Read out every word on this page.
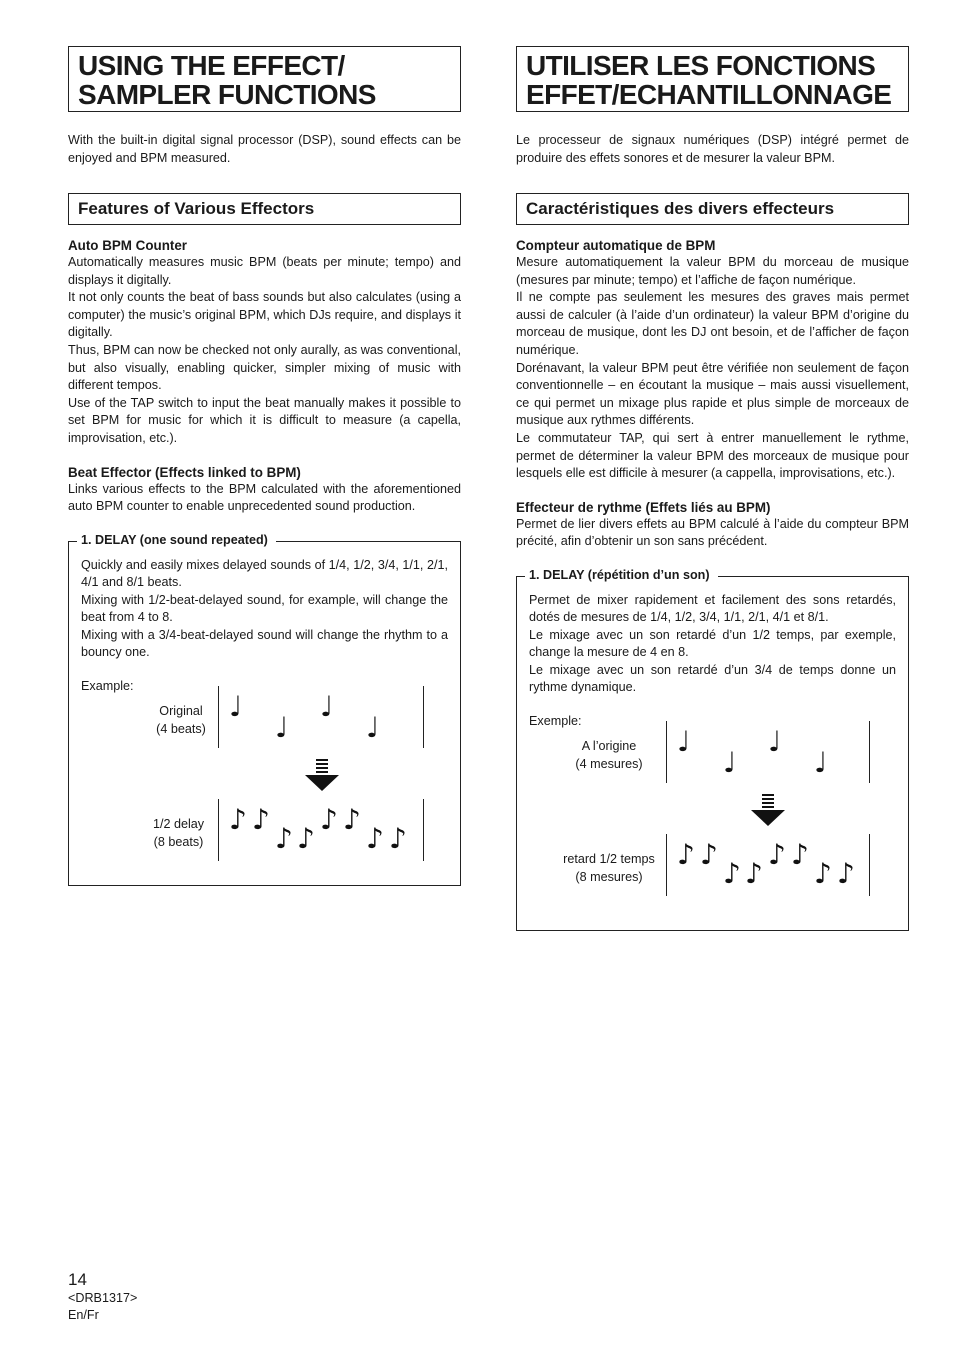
USING THE EFFECT/
SAMPLER FUNCTIONS
With the built-in digital signal processor (DSP), sound effects can be enjoyed and BPM measured.
Features of Various Effectors
Auto BPM Counter

Automatically measures music BPM (beats per minute; tempo) and displays it digitally.

It not only counts the beat of bass sounds but also calculates (using a computer) the music’s original BPM, which DJs require, and displays it digitally.

Thus, BPM can now be checked not only aurally, as was conventional, but also visually, enabling quicker, simpler mixing of music with different tempos.

Use of the TAP switch to input the beat manually makes it possible to set BPM for music for which it is difficult to measure (a capella, improvisation, etc.).

Beat Effector (Effects linked to BPM)

Links various effects to the BPM calculated with the aforementioned auto BPM counter to enable unprecedented sound production.

1. DELAY (one sound repeated)

Quickly and easily mixes delayed sounds of 1/4, 1/2, 3/4, 1/1, 2/1, 4/1 and 8/1 beats.

Mixing with 1/2-beat-delayed sound, for example, will change the beat from 4 to 8.

Mixing with a 3/4-beat-delayed sound will change the rhythm to a bouncy one.

Example:
Original
(4 beats)
♩
♩
♩
♩
1/2 delay
(8 beats)
♪ ♪
♪ ♪
♪ ♪
♪ ♪
UTILISER LES FONCTIONS
EFFET/ECHANTILLONNAGE
Le processeur de signaux numériques (DSP) intégré permet de produire des effets sonores et de mesurer la valeur BPM.
Caractéristiques des divers effecteurs
Compteur automatique de BPM

Mesure automatiquement la valeur BPM du morceau de musique (mesures par minute; tempo) et l’affiche de façon numérique.

Il ne compte pas seulement les mesures des graves mais permet aussi de calculer (à l’aide d’un ordinateur) la valeur BPM d’origine du morceau de musique, dont les DJ ont besoin, et de l’afficher de façon numérique.

Dorénavant, la valeur BPM peut être vérifiée non seulement de façon conventionnelle – en écoutant la musique – mais aussi visuellement, ce qui permet un mixage plus rapide et plus simple de morceaux de musique aux rythmes différents.

Le commutateur TAP, qui sert à entrer manuellement le rythme, permet de déterminer la valeur BPM des morceaux de musique pour lesquels elle est difficile à mesurer (a cappella, improvisations, etc.).

Effecteur de rythme (Effets liés au BPM)

Permet de lier divers effets au BPM calculé à l’aide du compteur BPM précité, afin d’obtenir un son sans précédent.

1. DELAY (répétition d’un son)

Permet de mixer rapidement et facilement des sons retardés, dotés de mesures de 1/4, 1/2, 3/4, 1/1, 2/1, 4/1 et 8/1.

Le mixage avec un son retardé d’un 1/2 temps, par exemple, change la mesure de 4 en 8.

Le mixage avec un son retardé d’un 3/4 de temps donne un rythme dynamique.

Exemple:
A l’origine
(4 mesures)
♩
♩
♩
♩
retard 1/2 temps
(8 mesures)
♪ ♪
♪ ♪
♪ ♪
♪ ♪
14
<DRB1317>
En/Fr
